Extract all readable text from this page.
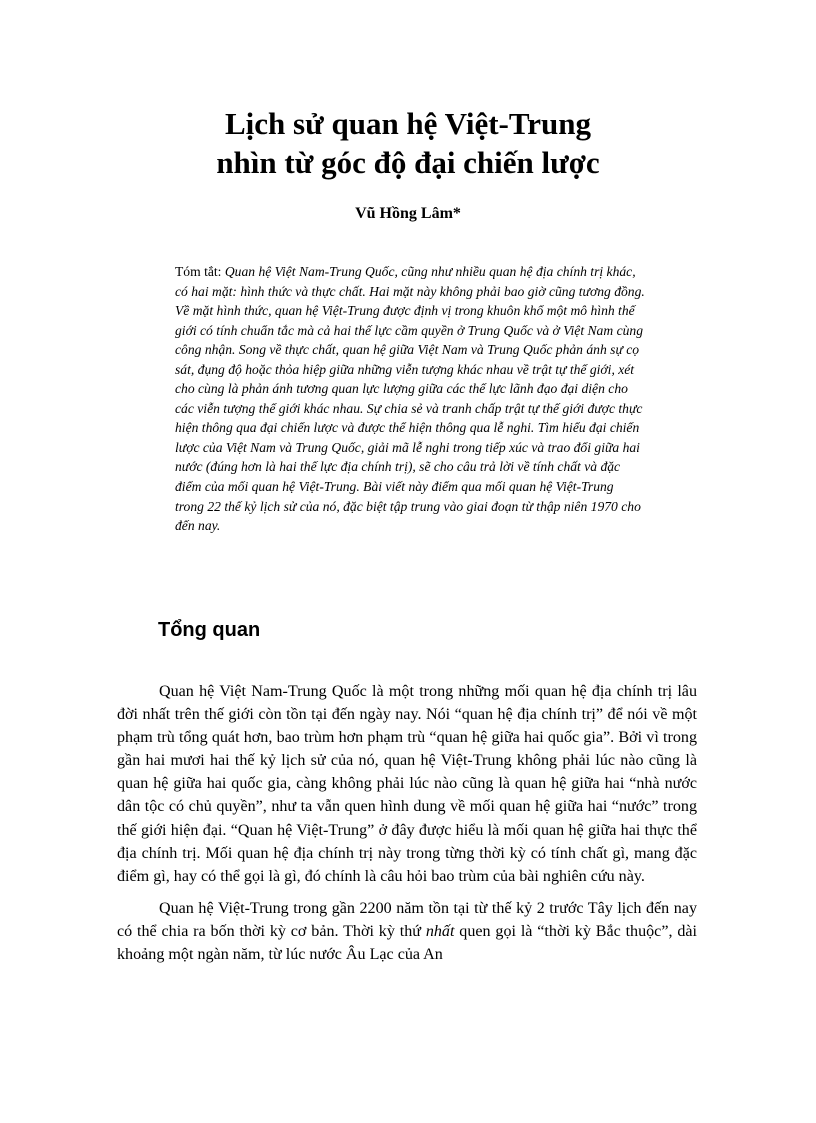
Lịch sử quan hệ Việt-Trung
nhìn từ góc độ đại chiến lược
Vũ Hồng Lâm*
Tóm tắt: Quan hệ Việt Nam-Trung Quốc, cũng như nhiều quan hệ địa chính trị khác, có hai mặt: hình thức và thực chất. Hai mặt này không phải bao giờ cũng tương đồng. Về mặt hình thức, quan hệ Việt-Trung được định vị trong khuôn khổ một mô hình thế giới có tính chuẩn tắc mà cả hai thế lực cầm quyền ở Trung Quốc và ở Việt Nam cùng công nhận. Song về thực chất, quan hệ giữa Việt Nam và Trung Quốc phản ánh sự cọ sát, đụng độ hoặc thỏa hiệp giữa những viễn tượng khác nhau về trật tự thế giới, xét cho cùng là phản ánh tương quan lực lượng giữa các thế lực lãnh đạo đại diện cho các viễn tượng thế giới khác nhau. Sự chia sẻ và tranh chấp trật tự thế giới được thực hiện thông qua đại chiến lược và được thể hiện thông qua lễ nghi. Tìm hiểu đại chiến lược của Việt Nam và Trung Quốc, giải mã lễ nghi trong tiếp xúc và trao đổi giữa hai nước (đúng hơn là hai thế lực địa chính trị), sẽ cho câu trả lời về tính chất và đặc điểm của mối quan hệ Việt-Trung. Bài viết này điểm qua mối quan hệ Việt-Trung trong 22 thế kỷ lịch sử của nó, đặc biệt tập trung vào giai đoạn từ thập niên 1970 cho đến nay.
Tổng quan

Quan hệ Việt Nam-Trung Quốc là một trong những mối quan hệ địa chính trị lâu đời nhất trên thế giới còn tồn tại đến ngày nay. Nói “quan hệ địa chính trị” để nói về một phạm trù tổng quát hơn, bao trùm hơn phạm trù “quan hệ giữa hai quốc gia”. Bởi vì trong gần hai mươi hai thế kỷ lịch sử của nó, quan hệ Việt-Trung không phải lúc nào cũng là quan hệ giữa hai quốc gia, càng không phải lúc nào cũng là quan hệ giữa hai “nhà nước dân tộc có chủ quyền”, như ta vẫn quen hình dung về mối quan hệ giữa hai “nước” trong thế giới hiện đại. “Quan hệ Việt-Trung” ở đây được hiểu là mối quan hệ giữa hai thực thể địa chính trị. Mối quan hệ địa chính trị này trong từng thời kỳ có tính chất gì, mang đặc điểm gì, hay có thể gọi là gì, đó chính là câu hỏi bao trùm của bài nghiên cứu này.

Quan hệ Việt-Trung trong gần 2200 năm tồn tại từ thế kỷ 2 trước Tây lịch đến nay có thể chia ra bốn thời kỳ cơ bản. Thời kỳ thứ nhất quen gọi là “thời kỳ Bắc thuộc”, dài khoảng một ngàn năm, từ lúc nước Âu Lạc của An
